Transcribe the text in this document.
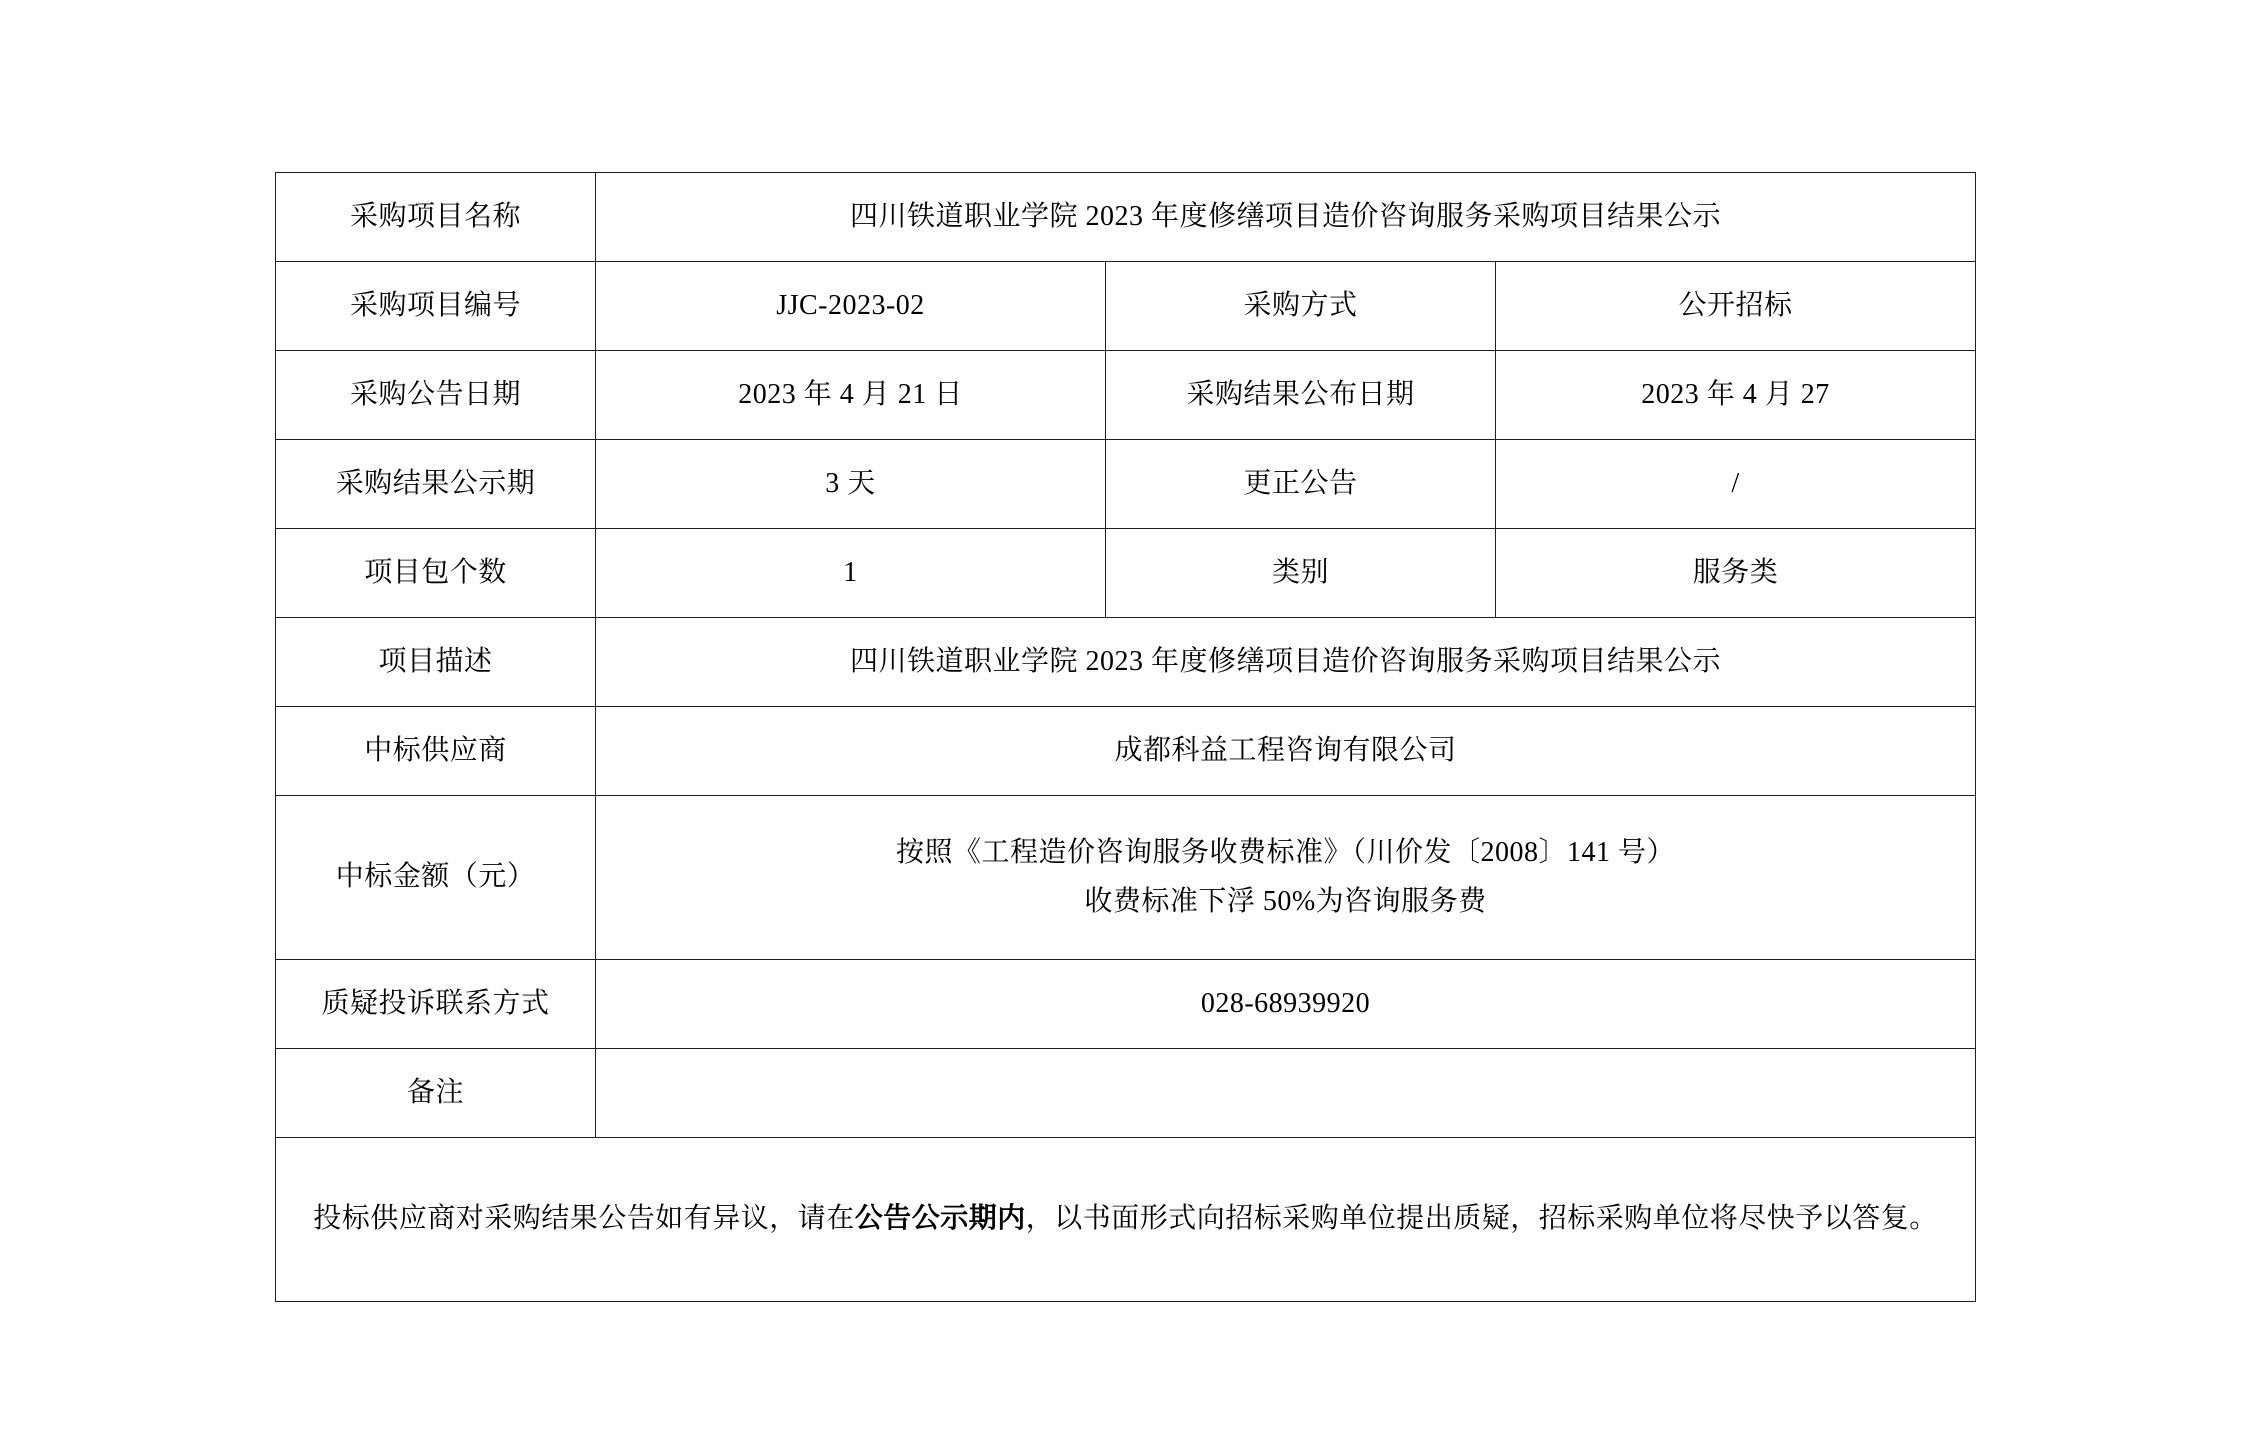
采购项目名称	四川铁道职业学院 2023 年度修缮项目造价咨询服务采购项目结果公示		
采购项目编号	JJC-2023-02	采购方式	公开招标
采购公告日期	2023 年 4 月 21 日	采购结果公布日期	2023 年 4 月 27
采购结果公示期	3 天	更正公告	/
项目包个数	1	类别	服务类
项目描述	四川铁道职业学院 2023 年度修缮项目造价咨询服务采购项目结果公示		
中标供应商	成都科益工程咨询有限公司		
中标金额（元）	按照《工程造价咨询服务收费标准》（川价发〔2008〕141 号）
收费标准下浮 50%为咨询服务费		

质疑投诉联系方式	028-68939920		
备注			
投标供应商对采购结果公告如有异议，请在公告公示期内，以书面形式向招标采购单位提出质疑，招标采购单位将尽快予以答复。			
